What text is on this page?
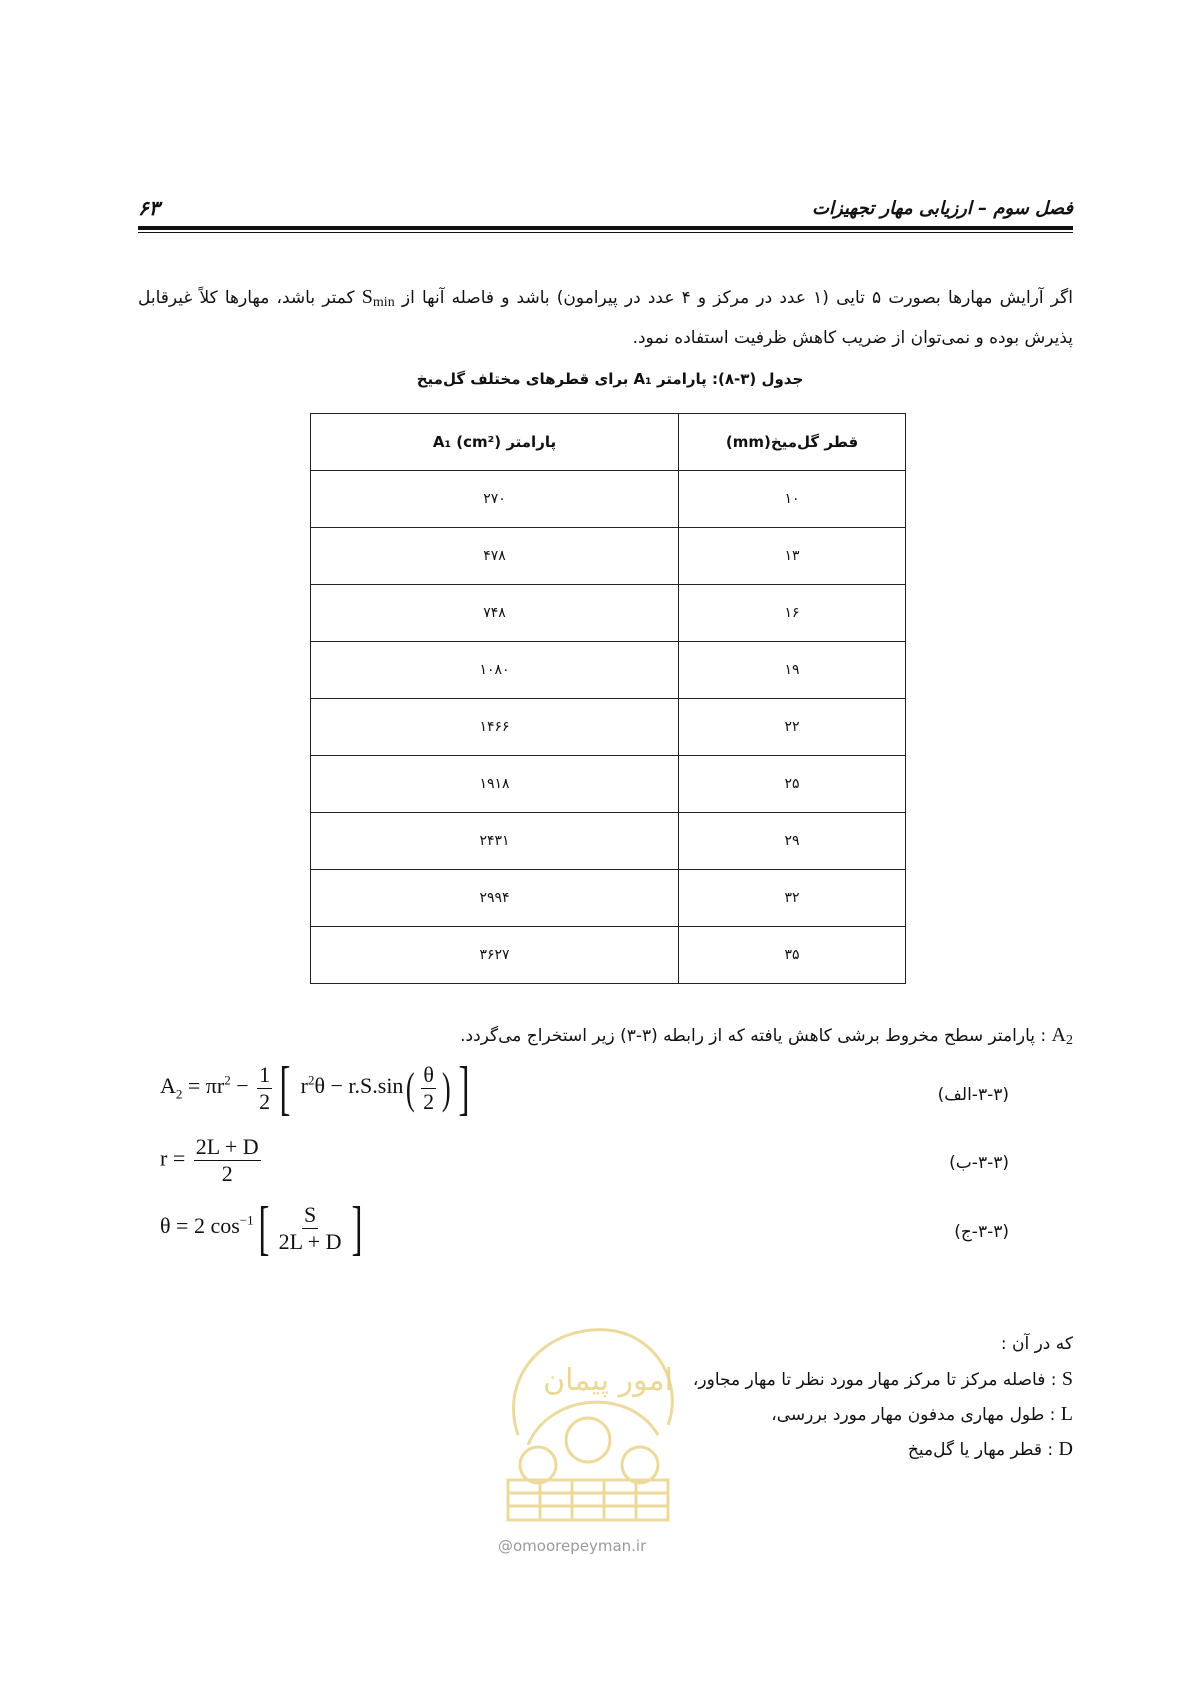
فصل سوم – ارزیابی مهار تجهیزات
۶۳
اگر آرایش مهارها بصورت ۵ تایی (۱ عدد در مرکز و ۴ عدد در پیرامون) باشد و فاصله آنها از Smin کمتر باشد، مهارها کلاً غیرقابل پذیرش بوده و نمی‌توان از ضریب کاهش ظرفیت استفاده نمود.
جدول (۳-۸): پارامتر A₁ برای قطرهای مختلف گل‌میخ
قطر گل‌میخ(mm)	پارامتر A₁ (cm²)
۱۰	۲۷۰
۱۳	۴۷۸
۱۶	۷۴۸
۱۹	۱۰۸۰
۲۲	۱۴۶۶
۲۵	۱۹۱۸
۲۹	۲۴۳۱
۳۲	۲۹۹۴
۳۵	۳۶۲۷
A2 : پارامتر سطح مخروط برشی کاهش یافته که از رابطه (۳-۳) زیر استخراج می‌گردد.
$A_2 = \pi r^2 - \frac{1}{2}$ [ $r^2\theta - r.S.\sin( \frac{\theta}{2}$ ) ]	(۳-۳-الف)
$r = \frac{2L + D}{2}$	(۳-۳-ب)
θ = 2 $\cos^{-1}[ \frac{S}{2L + D}$ ]	(۳-۳-ج)
که در آن :
S : فاصله مرکز تا مرکز مهار مورد نظر تا مهار مجاور،
L : طول مهاری مدفون مهار مورد بررسی،
D : قطر مهار یا گل‌میخ
امور پیمان
@omoorepeyman.ir
